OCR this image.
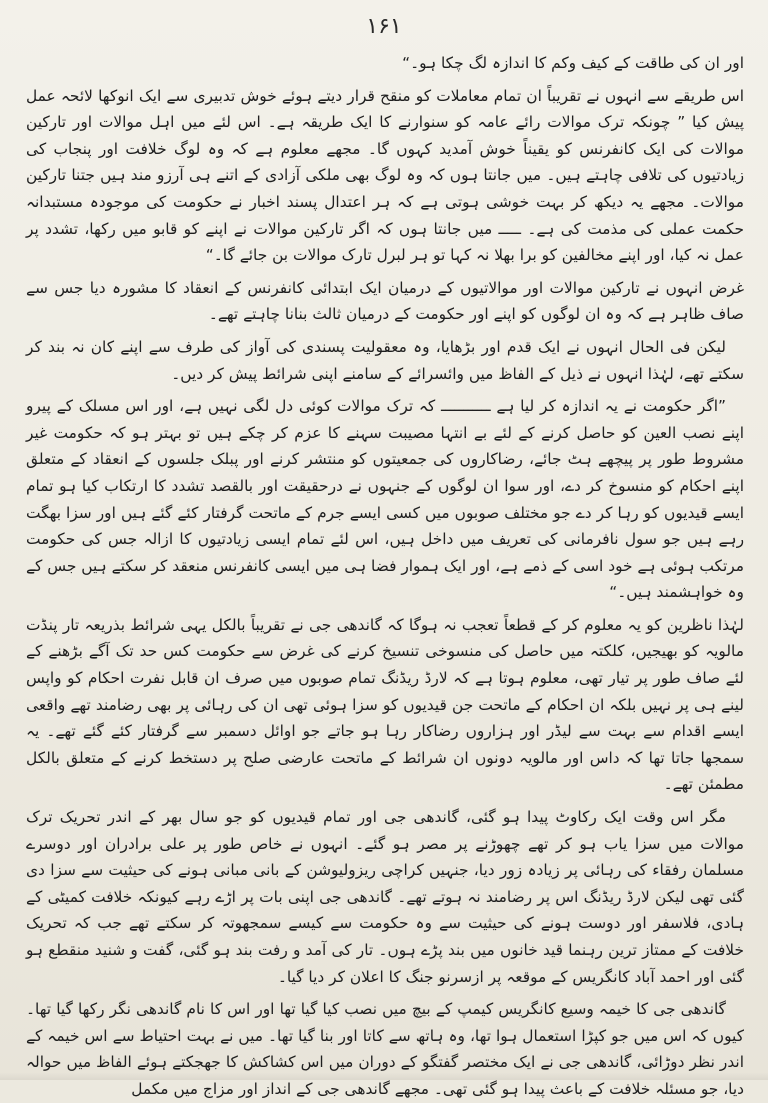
۱۶۱

اور ان کی طاقت کے کیف وکم کا اندازہ لگ چکا ہو۔“

اس طریقے سے انہوں نے تقریباً ان تمام معاملات کو منقح قرار دیتے ہوئے خوش تدبیری سے ایک انوکھا لائحہ عمل پیش کیا ” چونکہ ترک موالات رائے عامہ کو سنوارنے کا ایک طریقہ ہے۔ اس لئے میں اہل موالات اور تارکین موالات کی ایک کانفرنس کو یقیناً خوش آمدید کہوں گا۔ مجھے معلوم ہے کہ وہ لوگ خلافت اور پنجاب کی زیادتیوں کی تلافی چاہتے ہیں۔ میں جانتا ہوں کہ وہ لوگ بھی ملکی آزادی کے اتنے ہی آرزو مند ہیں جتنا تارکین موالات۔ مجھے یہ دیکھ کر بہت خوشی ہوتی ہے کہ ہر اعتدال پسند اخبار نے حکومت کی موجودہ مستبدانہ حکمت عملی کی مذمت کی ہے۔ ـــــ میں جانتا ہوں کہ اگر تارکین موالات نے اپنے کو قابو میں رکھا، تشدد پر عمل نہ کیا، اور اپنے مخالفین کو برا بھلا نہ کہا تو ہر لبرل تارک موالات بن جائے گا۔“

غرض انہوں نے تارکین موالات اور موالاتیوں کے درمیان ایک ابتدائی کانفرنس کے انعقاد کا مشورہ دیا جس سے صاف ظاہر ہے کہ وہ ان لوگوں کو اپنے اور حکومت کے درمیان ثالث بنانا چاہتے تھے۔

لیکن فی الحال انہوں نے ایک قدم اور بڑھایا، وہ معقولیت پسندی کی آواز کی طرف سے اپنے کان نہ بند کر سکتے تھے، لہٰذا انہوں نے ذیل کے الفاظ میں وائسرائے کے سامنے اپنی شرائط پیش کر دیں۔

”اگر حکومت نے یہ اندازہ کر لیا ہے ـــــــــــ کہ ترک موالات کوئی دل لگی نہیں ہے، اور اس مسلک کے پیرو اپنے نصب العین کو حاصل کرنے کے لئے بے انتہا مصیبت سہنے کا عزم کر چکے ہیں تو بہتر ہو کہ حکومت غیر مشروط طور پر پیچھے ہٹ جائے، رضاکاروں کی جمعیتوں کو منتشر کرنے اور پبلک جلسوں کے انعقاد کے متعلق اپنے احکام کو منسوخ کر دے، اور سوا ان لوگوں کے جنہوں نے درحقیقت اور بالقصد تشدد کا ارتکاب کیا ہو تمام ایسے قیدیوں کو رہا کر دے جو مختلف صوبوں میں کسی ایسے جرم کے ماتحت گرفتار کئے گئے ہیں اور سزا بھگت رہے ہیں جو سول نافرمانی کی تعریف میں داخل ہیں، اس لئے تمام ایسی زیادتیوں کا ازالہ جس کی حکومت مرتکب ہوئی ہے خود اسی کے ذمے ہے، اور ایک ہموار فضا ہی میں ایسی کانفرنس منعقد کر سکتے ہیں جس کے وہ خواہشمند ہیں۔“

لہٰذا ناظرین کو یہ معلوم کر کے قطعاً تعجب نہ ہوگا کہ گاندھی جی نے تقریباً بالکل یہی شرائط بذریعہ تار پنڈت مالویہ کو بھیجیں، کلکتہ میں حاصل کی منسوخی تنسیخ کرنے کی غرض سے حکومت کس حد تک آگے بڑھنے کے لئے صاف طور پر تیار تھی، معلوم ہوتا ہے کہ لارڈ ریڈنگ تمام صوبوں میں صرف ان قابل نفرت احکام کو واپس لینے ہی پر نہیں بلکہ ان احکام کے ماتحت جن قیدیوں کو سزا ہوئی تھی ان کی رہائی پر بھی رضامند تھے واقعی ایسے اقدام سے بہت سے لیڈر اور ہزاروں رضاکار رہا ہو جاتے جو اوائل دسمبر سے گرفتار کئے گئے تھے۔ یہ سمجھا جاتا تھا کہ داس اور مالویہ دونوں ان شرائط کے ماتحت عارضی صلح پر دستخط کرنے کے متعلق بالکل مطمئن تھے۔

مگر اس وقت ایک رکاوٹ پیدا ہو گئی، گاندھی جی اور تمام قیدیوں کو جو سال بھر کے اندر تحریک ترک موالات میں سزا یاب ہو کر تھے چھوڑنے پر مصر ہو گئے۔ انہوں نے خاص طور پر علی برادران اور دوسرے مسلمان رفقاء کی رہائی پر زیادہ زور دیا، جنہیں کراچی ریزولیوشن کے بانی مبانی ہونے کی حیثیت سے سزا دی گئی تھی لیکن لارڈ ریڈنگ اس پر رضامند نہ ہوتے تھے۔ گاندھی جی اپنی بات پر اڑے رہے کیونکہ خلافت کمیٹی کے ہادی، فلاسفر اور دوست ہونے کی حیثیت سے وہ حکومت سے کیسے سمجھوتہ کر سکتے تھے جب کہ تحریک خلافت کے ممتاز ترین رہنما قید خانوں میں بند پڑے ہوں۔ تار کی آمد و رفت بند ہو گئی، گفت و شنید منقطع ہو گئی اور احمد آباد کانگریس کے موقعہ پر ازسرنو جنگ کا اعلان کر دیا گیا۔

گاندھی جی کا خیمہ وسیع کانگریس کیمپ کے بیچ میں نصب کیا گیا تھا اور اس کا نام گاندھی نگر رکھا گیا تھا۔ کیوں کہ اس میں جو کپڑا استعمال ہوا تھا، وہ ہاتھ سے کاتا اور بنا گیا تھا۔ میں نے بہت احتیاط سے اس خیمہ کے اندر نظر دوڑائی، گاندھی جی نے ایک مختصر گفتگو کے دوران میں اس کشاکش کا جھجکتے ہوئے الفاظ میں حوالہ دیا، جو مسئلہ خلافت کے باعث پیدا ہو گئی تھی۔ مجھے گاندھی جی کے انداز اور مزاج میں مکمل
